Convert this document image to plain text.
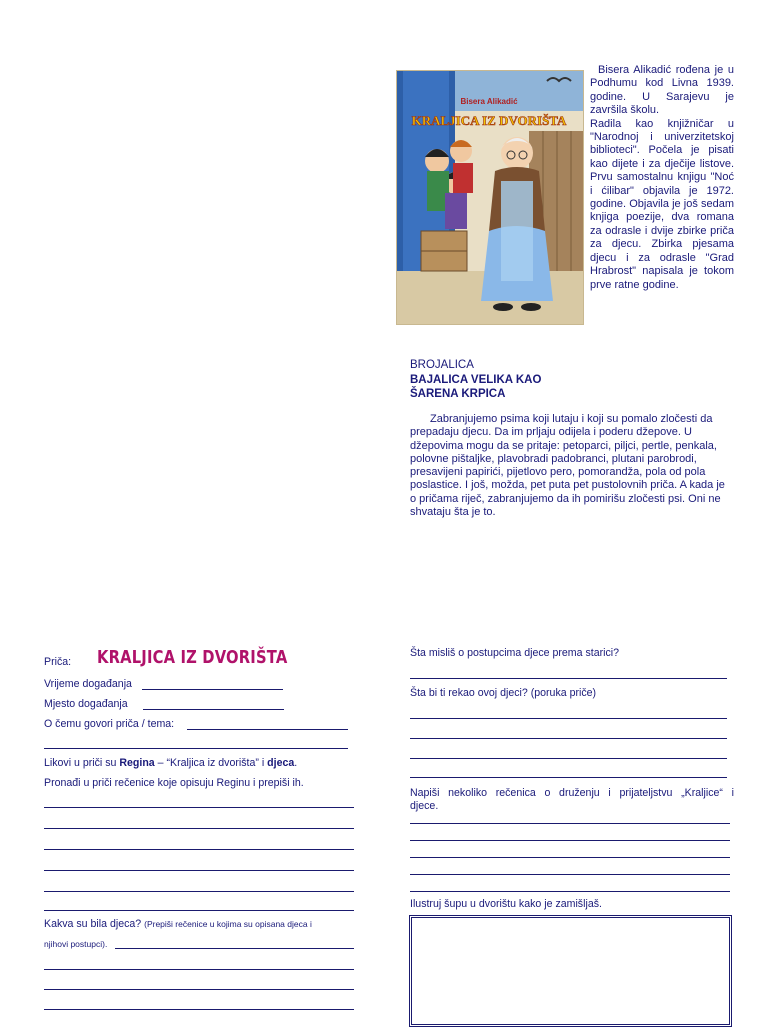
Bisera Alikadić
KRALJICA IZ DVORIŠTA

Bisera Alikadić rođena je u Podhumu kod Livna 1939. godine. U Sarajevu je završila školu.

Radila kao knjižničar u "Narodnoj i univerzitetskoj biblioteci". Počela je pisati kao dijete i za dječije listove. Prvu samostalnu knjigu "Noć i ćilibar" objavila je 1972. godine. Objavila je još sedam knjiga poezije, dva romana za odrasle i dvije zbirke priča za djecu. Zbirka pjesama djecu i za odrasle "Grad Hrabrost" napisala je tokom prve ratne godine.

BROJALICA
BAJALICA VELIKA KAO
ŠARENA KRPICA

Zabranjujemo psima koji lutaju i koji su pomalo zločesti da prepadaju djecu. Da im prljaju odijela i poderu džepove. U džepovima mogu da se pritaje: petoparci, piljci, pertle, penkala, polovne pištaljke, plavobradi padobranci, plutani parobrodi, presavijeni papirići, pijetlovo pero, pomorandža, pola od pola poslastice. I još, možda, pet puta pet pustolovnih priča. A kada je o pričama riječ, zabranjujemo da ih pomirišu zločesti psi. Oni ne shvataju šta je to.

Priča: KRALJICA IZ DVORIŠTA
Vrijeme događanja
Mjesto događanja
O čemu govori priča / tema:
Likovi u priči su Regina – “Kraljica iz dvorišta” i djeca.
Pronađi u priči rečenice koje opisuju Reginu i prepiši ih.
Kakva su bila djeca? (Prepiši rečenice u kojima su opisana djeca i
njihovi postupci).
Šta misliš o postupcima djece prema starici?
Šta bi ti rekao ovoj djeci? (poruka priče)
Napiši nekoliko rečenica o druženju i prijateljstvu „Kraljice“ i
djece.
Ilustruj šupu u dvorištu kako je zamišljaš.
